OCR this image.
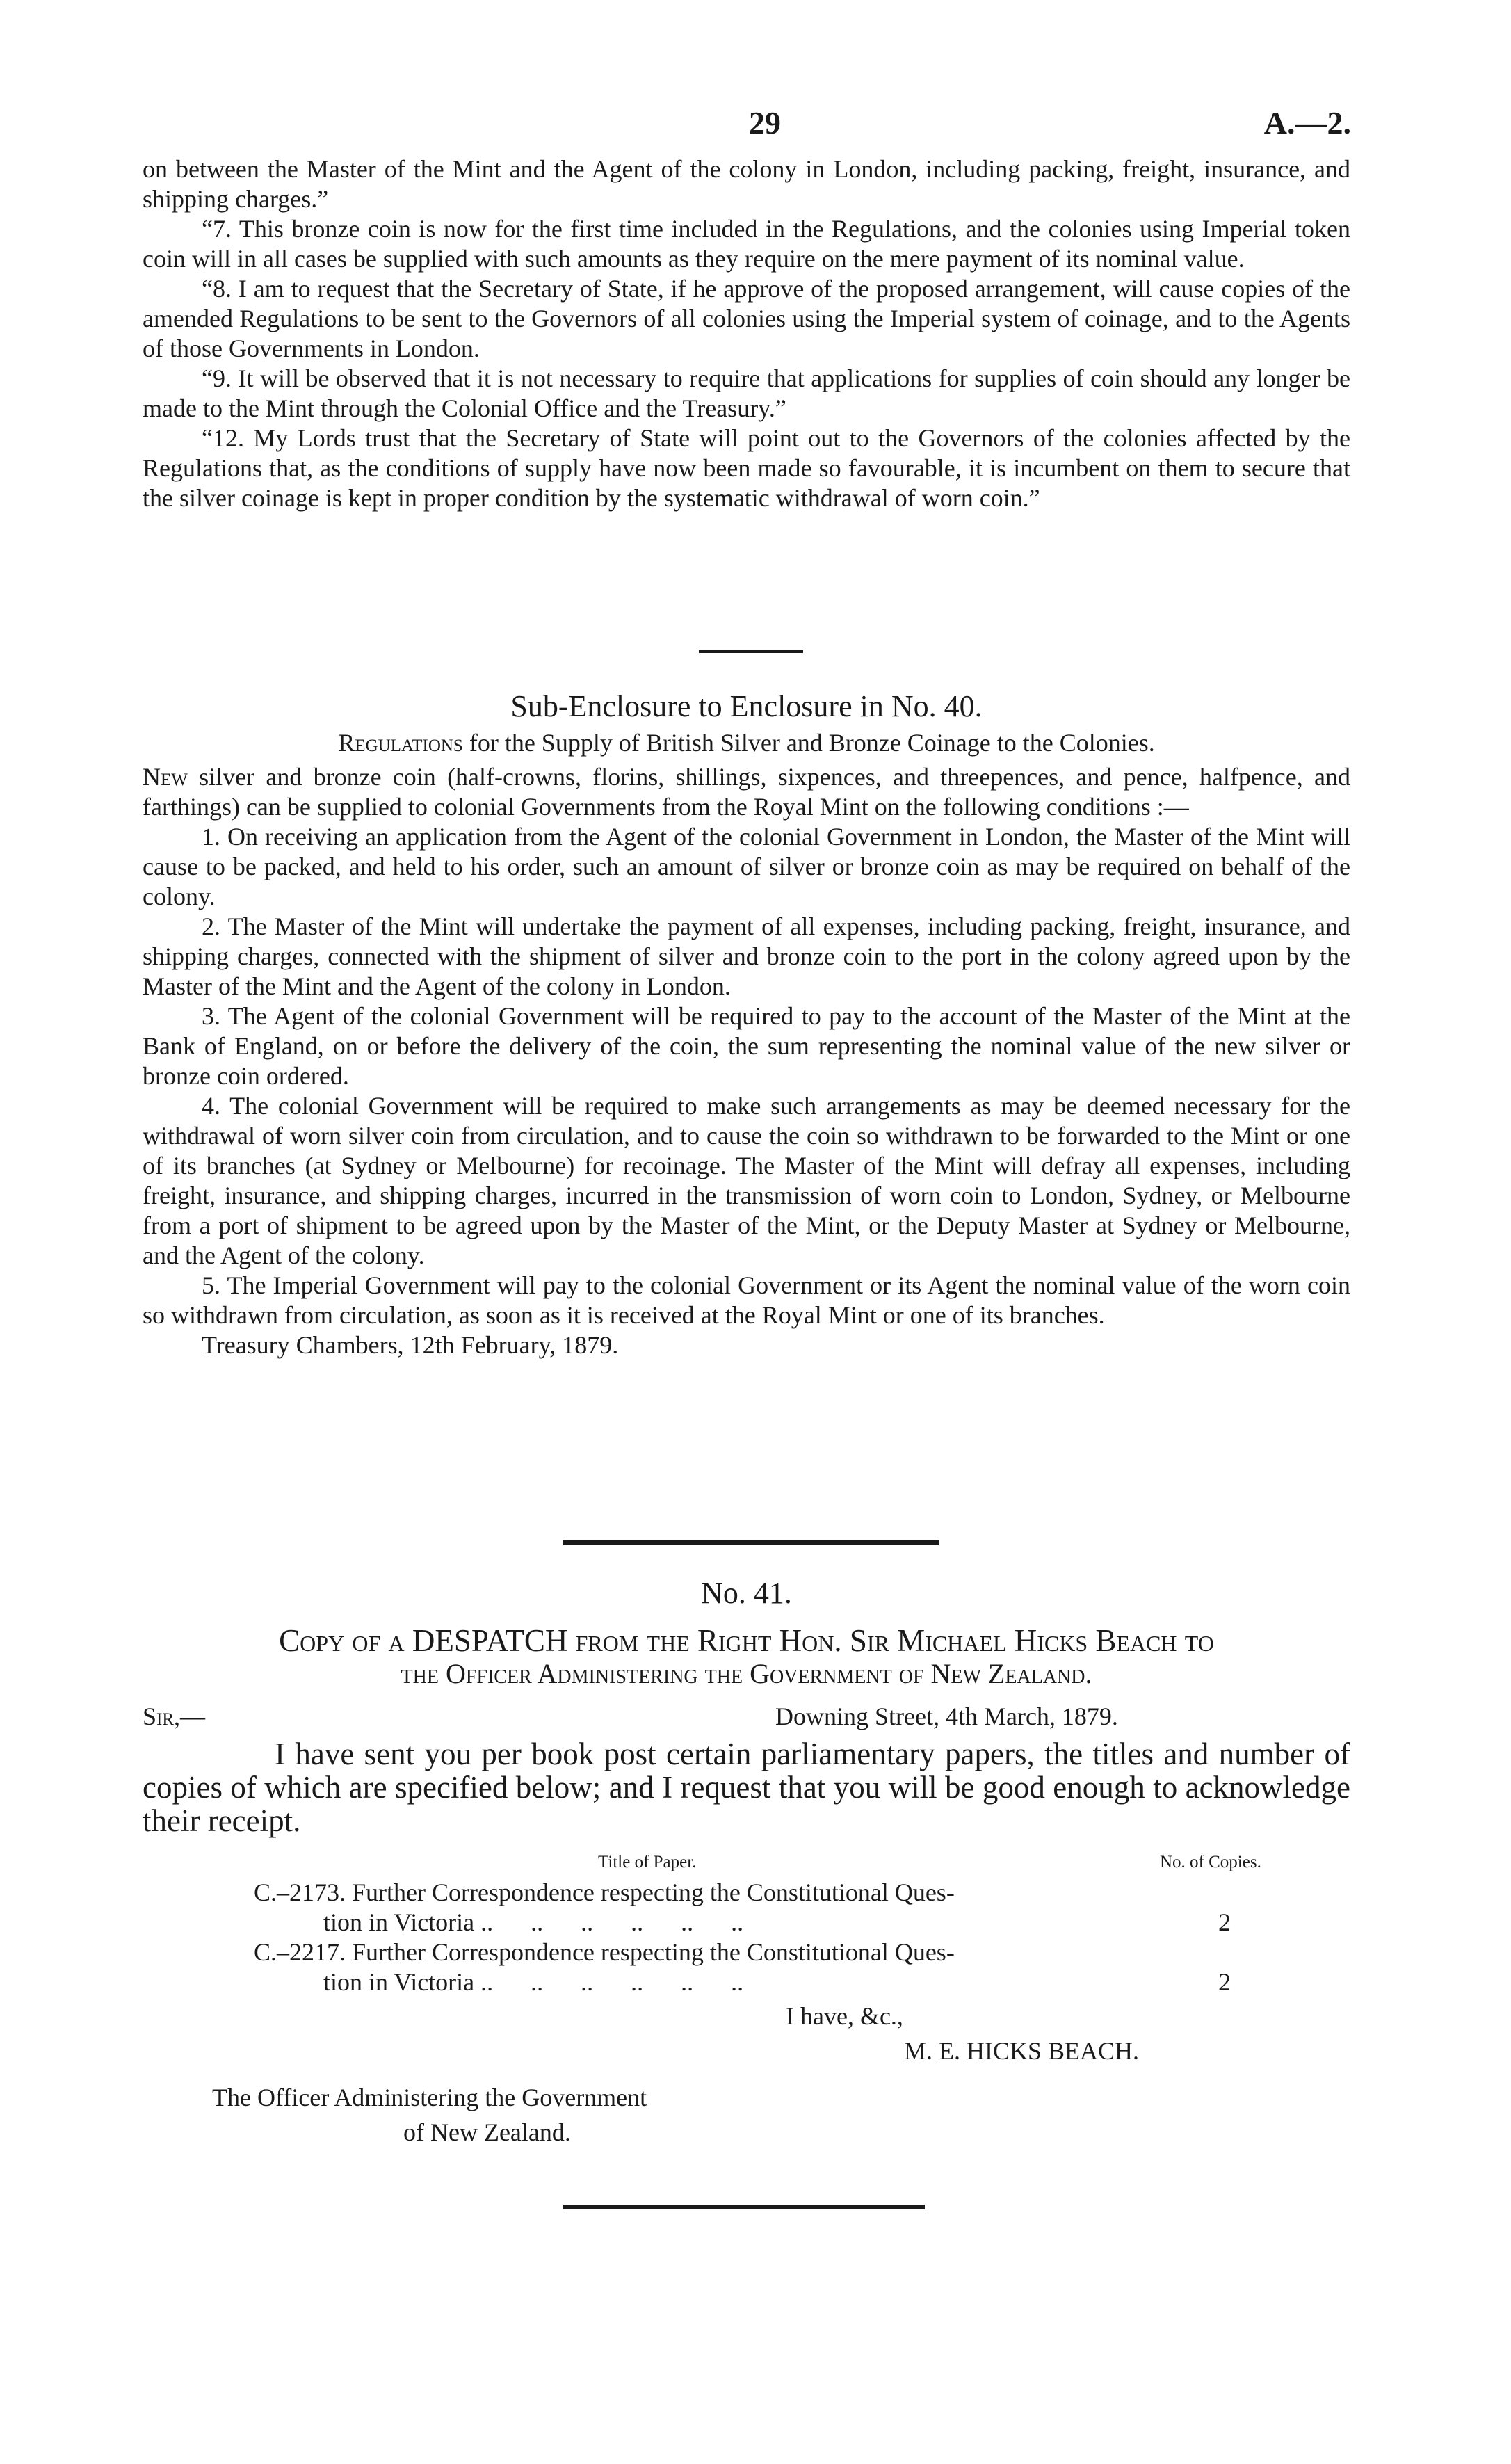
29	A.—2.

on between the Master of the Mint and the Agent of the colony in London, including packing, freight, insurance, and shipping charges.”

“7. This bronze coin is now for the first time included in the Regulations, and the colonies using Imperial token coin will in all cases be supplied with such amounts as they require on the mere payment of its nominal value.

“8. I am to request that the Secretary of State, if he approve of the proposed arrangement, will cause copies of the amended Regulations to be sent to the Governors of all colonies using the Imperial system of coinage, and to the Agents of those Governments in London.

“9. It will be observed that it is not necessary to require that applications for supplies of coin should any longer be made to the Mint through the Colonial Office and the Treasury.”

“12. My Lords trust that the Secretary of State will point out to the Governors of the colonies affected by the Regulations that, as the conditions of supply have now been made so favourable, it is incumbent on them to secure that the silver coinage is kept in proper condition by the systematic withdrawal of worn coin.”

Sub-Enclosure to Enclosure in No. 40.

Regulations for the Supply of British Silver and Bronze Coinage to the Colonies.

New silver and bronze coin (half-crowns, florins, shillings, sixpences, and threepences, and pence, halfpence, and farthings) can be supplied to colonial Governments from the Royal Mint on the following conditions :—

1. On receiving an application from the Agent of the colonial Government in London, the Master of the Mint will cause to be packed, and held to his order, such an amount of silver or bronze coin as may be required on behalf of the colony.

2. The Master of the Mint will undertake the payment of all expenses, including packing, freight, insurance, and shipping charges, connected with the shipment of silver and bronze coin to the port in the colony agreed upon by the Master of the Mint and the Agent of the colony in London.

3. The Agent of the colonial Government will be required to pay to the account of the Master of the Mint at the Bank of England, on or before the delivery of the coin, the sum representing the nominal value of the new silver or bronze coin ordered.

4. The colonial Government will be required to make such arrangements as may be deemed necessary for the withdrawal of worn silver coin from circulation, and to cause the coin so withdrawn to be forwarded to the Mint or one of its branches (at Sydney or Melbourne) for recoinage. The Master of the Mint will defray all expenses, including freight, insurance, and shipping charges, incurred in the transmission of worn coin to London, Sydney, or Melbourne from a port of shipment to be agreed upon by the Master of the Mint, or the Deputy Master at Sydney or Melbourne, and the Agent of the colony.

5. The Imperial Government will pay to the colonial Government or its Agent the nominal value of the worn coin so withdrawn from circulation, as soon as it is received at the Royal Mint or one of its branches.

Treasury Chambers, 12th February, 1879.

No. 41.

Copy of a DESPATCH from the Right Hon. Sir Michael Hicks Beach to
the Officer Administering the Government of New Zealand.
Sir,—	Downing Street, 4th March, 1879.
I have sent you per book post certain parliamentary papers, the titles and number of copies of which are specified below; and I request that you will be good enough to acknowledge their receipt.
Title of Paper.	No. of Copies.
C.–2173. Further Correspondence respecting the Constitutional Ques-
tion in Victoria ..      ..      ..      ..      ..      ..	2
C.–2217. Further Correspondence respecting the Constitutional Ques-
tion in Victoria ..      ..      ..      ..      ..      ..	2
I have, &c.,
M. E. HICKS BEACH.
The Officer Administering the Government
of New Zealand.
